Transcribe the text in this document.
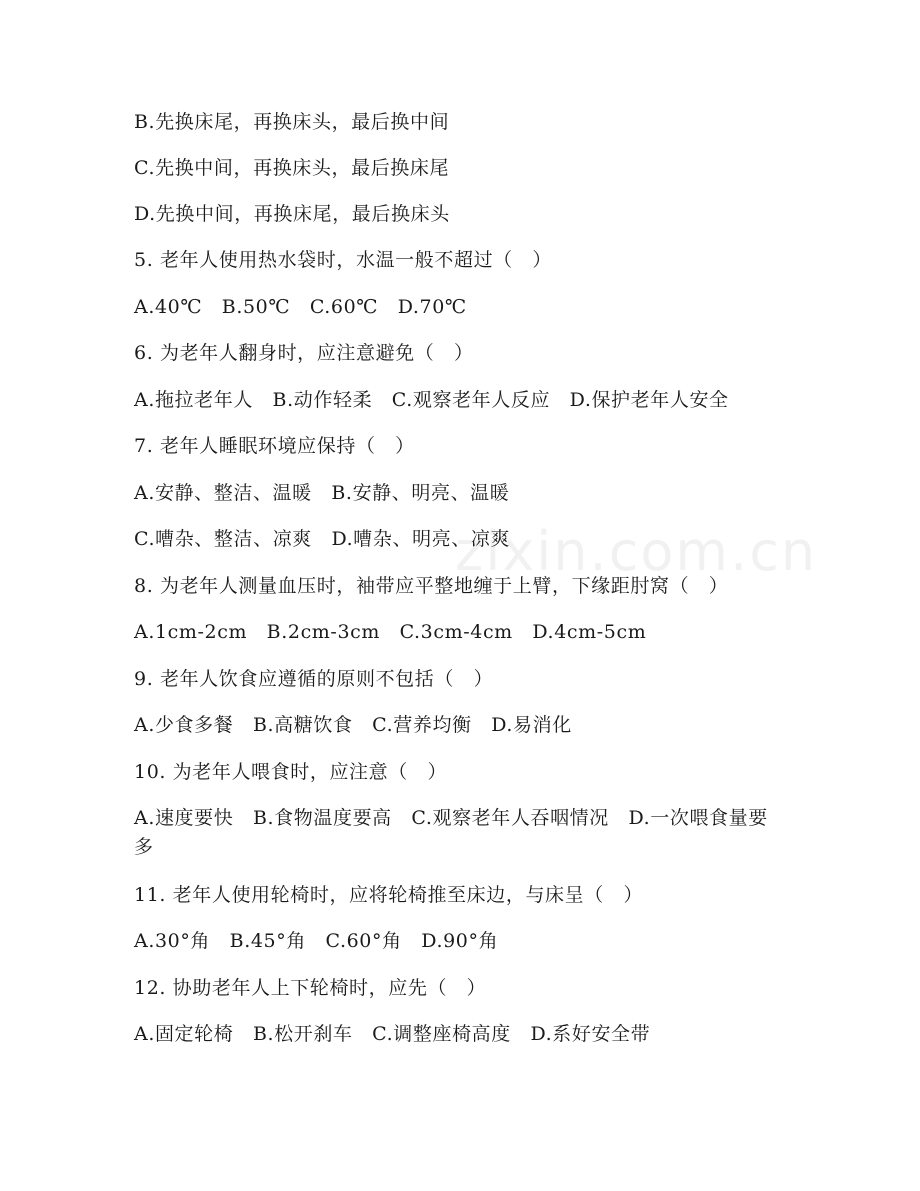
zixin.com.cn
B.先换床尾，再换床头，最后换中间
C.先换中间，再换床头，最后换床尾
D.先换中间，再换床尾，最后换床头
5. 老年人使用热水袋时，水温一般不超过（　）
A.40℃　B.50℃　C.60℃　D.70℃
6. 为老年人翻身时，应注意避免（　）
A.拖拉老年人　B.动作轻柔　C.观察老年人反应　D.保护老年人安全
7. 老年人睡眠环境应保持（　）
A.安静、整洁、温暖　B.安静、明亮、温暖
C.嘈杂、整洁、凉爽　D.嘈杂、明亮、凉爽
8. 为老年人测量血压时，袖带应平整地缠于上臂，下缘距肘窝（　）
A.1cm-2cm　B.2cm-3cm　C.3cm-4cm　D.4cm-5cm
9. 老年人饮食应遵循的原则不包括（　）
A.少食多餐　B.高糖饮食　C.营养均衡　D.易消化
10. 为老年人喂食时，应注意（　）
A.速度要快　B.食物温度要高　C.观察老年人吞咽情况　D.一次喂食量要多
11. 老年人使用轮椅时，应将轮椅推至床边，与床呈（　）
A.30°角　B.45°角　C.60°角　D.90°角
12. 协助老年人上下轮椅时，应先（　）
A.固定轮椅　B.松开刹车　C.调整座椅高度　D.系好安全带
